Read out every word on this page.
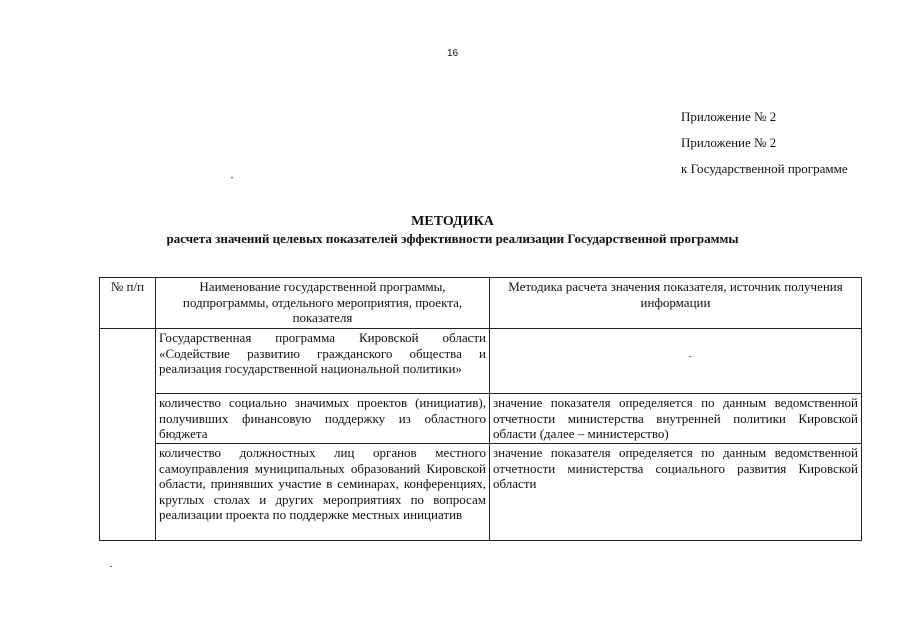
16
Приложение № 2
Приложение № 2
к Государственной программе
МЕТОДИКА
расчета значений целевых показателей эффективности реализации Государственной программы
№ п/п	Наименование государственной программы, подпрограммы, отдельного мероприятия, проекта, показателя	Методика расчета значения показателя, источник получения информации
	Государственная программа Кировской области «Содействие развитию гражданского общества и реализация государственной национальной политики»	
	количество социально значимых проектов (инициатив), получивших финансовую поддержку из областного бюджета	значение показателя определяется по данным ведомственной отчетности министерства внутренней политики Кировской области (далее – министерство)
	количество должностных лиц органов местного самоуправления муниципальных образований Кировской области, принявших участие в семинарах, конференциях, круглых столах и других мероприятиях по вопросам реализации проекта по поддержке местных инициатив	значение показателя определяется по данным ведомственной отчетности министерства социального развития Кировской области
